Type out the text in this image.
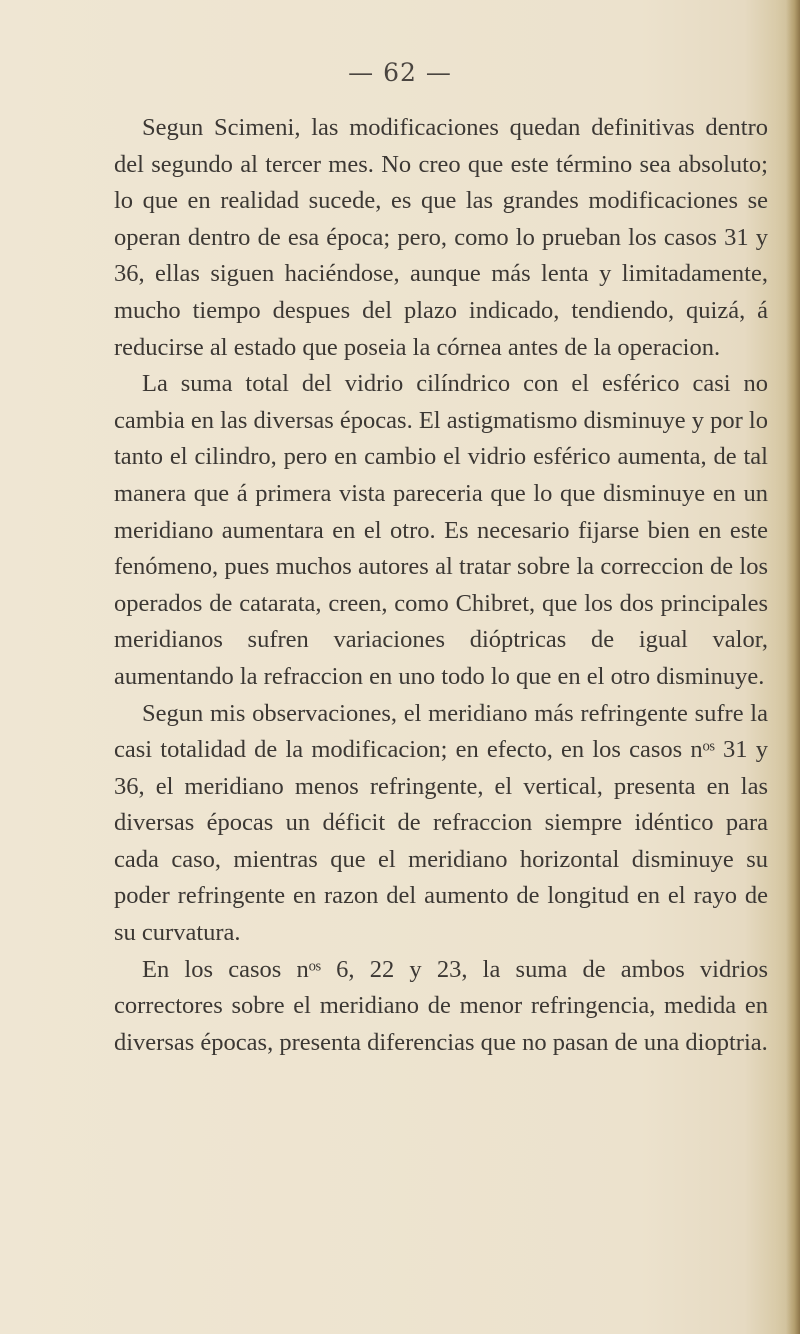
— 62 —

Segun Scimeni, las modificaciones quedan definitivas dentro del segundo al tercer mes. No creo que este término sea absoluto; lo que en realidad sucede, es que las grandes modificaciones se operan dentro de esa época; pero, como lo prueban los casos 31 y 36, ellas siguen haciéndose, aunque más lenta y limitadamente, mucho tiempo despues del plazo indicado, tendiendo, quizá, á reducirse al estado que poseia la córnea antes de la operacion.

La suma total del vidrio cilíndrico con el esférico casi no cambia en las diversas épocas. El astigmatismo disminuye y por lo tanto el cilindro, pero en cambio el vidrio esférico aumenta, de tal manera que á primera vista pareceria que lo que disminuye en un meridiano aumentara en el otro. Es necesario fijarse bien en este fenómeno, pues muchos autores al tratar sobre la correccion de los operados de catarata, creen, como Chibret, que los dos principales meridianos sufren variaciones dióptricas de igual valor, aumentando la refraccion en uno todo lo que en el otro disminuye.

Segun mis observaciones, el meridiano más refringente sufre la casi totalidad de la modificacion; en efecto, en los casos nᵒˢ 31 y 36, el meridiano menos refringente, el vertical, presenta en las diversas épocas un déficit de refraccion siempre idéntico para cada caso, mientras que el meridiano horizontal disminuye su poder refringente en razon del aumento de longitud en el rayo de su curvatura.

En los casos nᵒˢ 6, 22 y 23, la suma de ambos vidrios correctores sobre el meridiano de menor refringencia, medida en diversas épocas, presenta diferencias que no pasan de una dioptria.
